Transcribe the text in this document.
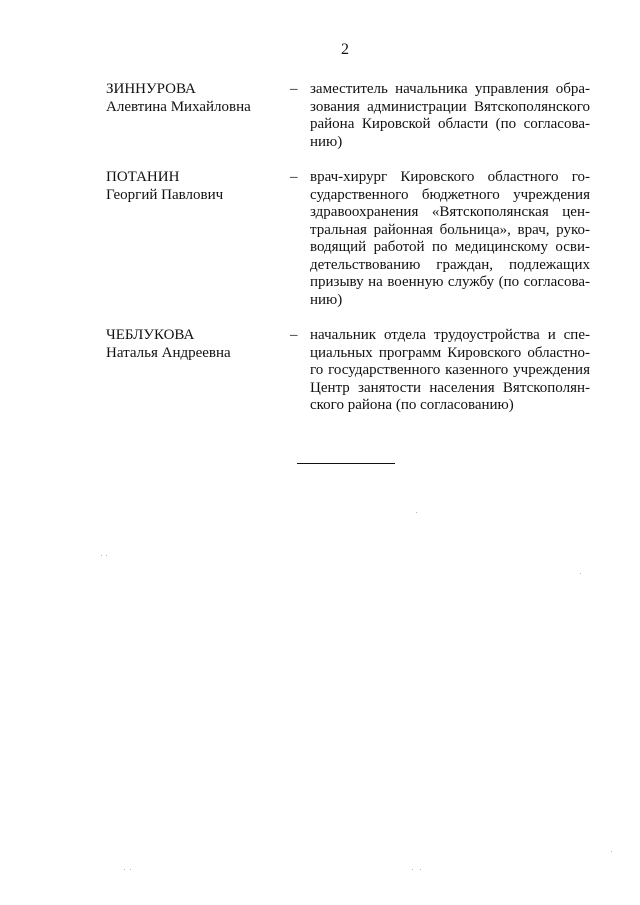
2
ЗИННУРОВА
Алевтина Михайловна
– заместитель начальника управления обра-
зования администрации Вятскополянского
района Кировской области (по согласова-
нию)
ПОТАНИН
Георгий Павлович
– врач-хирург Кировского областного го-
сударственного бюджетного учреждения
здравоохранения «Вятскополянская цен-
тральная районная больница», врач, руко-
водящий работой по медицинскому осви-
детельствованию граждан, подлежащих
призыву на военную службу (по согласова-
нию)
ЧЕБЛУКОВА
Наталья Андреевна
– начальник отдела трудоустройства и спе-
циальных программ Кировского областно-
го государственного казенного учреждения
Центр занятости населения Вятскополян-
ского района (по согласованию)
